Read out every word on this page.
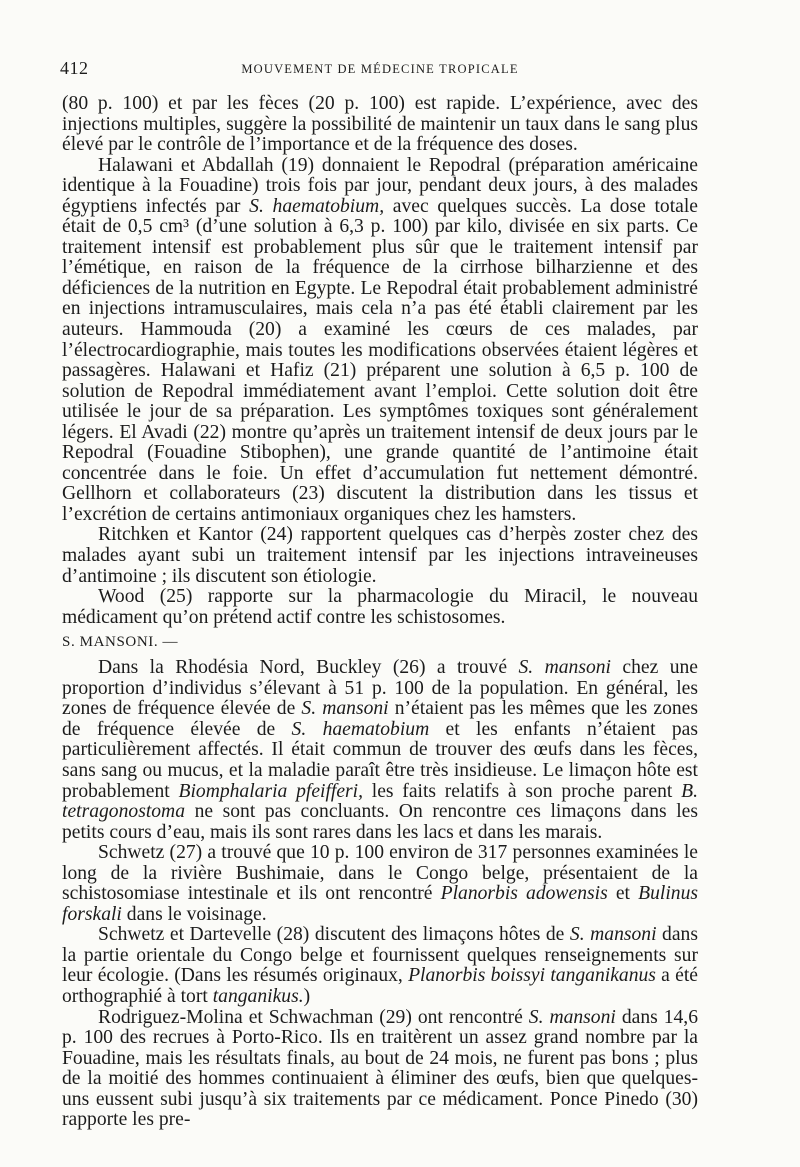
412	MOUVEMENT DE MÉDECINE TROPICALE

(80 p. 100) et par les fèces (20 p. 100) est rapide. L’expérience, avec des injections multiples, suggère la possibilité de maintenir un taux dans le sang plus élevé par le contrôle de l’importance et de la fréquence des doses.

Halawani et Abdallah (19) donnaient le Repodral (préparation américaine identique à la Fouadine) trois fois par jour, pendant deux jours, à des malades égyptiens infectés par S. haematobium, avec quelques succès. La dose totale était de 0,5 cm³ (d’une solution à 6,3 p. 100) par kilo, divisée en six parts. Ce traitement intensif est probablement plus sûr que le traitement intensif par l’émétique, en raison de la fréquence de la cirrhose bilharzienne et des déficiences de la nutrition en Egypte. Le Repodral était probablement administré en injections intramusculaires, mais cela n’a pas été établi clairement par les auteurs. Hammouda (20) a examiné les cœurs de ces malades, par l’électrocardiographie, mais toutes les modifications observées étaient légères et passagères. Halawani et Hafiz (21) préparent une solution à 6,5 p. 100 de solution de Repodral immédiatement avant l’emploi. Cette solution doit être utilisée le jour de sa préparation. Les symptômes toxiques sont généralement légers. El Avadi (22) montre qu’après un traitement intensif de deux jours par le Repodral (Fouadine Stibophen), une grande quantité de l’antimoine était concentrée dans le foie. Un effet d’accumulation fut nettement démontré. Gellhorn et collaborateurs (23) discutent la distribution dans les tissus et l’excrétion de certains antimoniaux organiques chez les hamsters.

Ritchken et Kantor (24) rapportent quelques cas d’herpès zoster chez des malades ayant subi un traitement intensif par les injections intraveineuses d’antimoine ; ils discutent son étiologie.

Wood (25) rapporte sur la pharmacologie du Miracil, le nouveau médicament qu’on prétend actif contre les schistosomes.

S. MANSONI. —

Dans la Rhodésia Nord, Buckley (26) a trouvé S. mansoni chez une proportion d’individus s’élevant à 51 p. 100 de la population. En général, les zones de fréquence élevée de S. mansoni n’étaient pas les mêmes que les zones de fréquence élevée de S. haematobium et les enfants n’étaient pas particulièrement affectés. Il était commun de trouver des œufs dans les fèces, sans sang ou mucus, et la maladie paraît être très insidieuse. Le limaçon hôte est probablement Biomphalaria pfeifferi, les faits relatifs à son proche parent B. tetragonostoma ne sont pas concluants. On rencontre ces limaçons dans les petits cours d’eau, mais ils sont rares dans les lacs et dans les marais.

Schwetz (27) a trouvé que 10 p. 100 environ de 317 personnes examinées le long de la rivière Bushimaie, dans le Congo belge, présentaient de la schistosomiase intestinale et ils ont rencontré Planorbis adowensis et Bulinus forskali dans le voisinage.

Schwetz et Dartevelle (28) discutent des limaçons hôtes de S. mansoni dans la partie orientale du Congo belge et fournissent quelques renseignements sur leur écologie. (Dans les résumés originaux, Planorbis boissyi tanganikanus a été orthographié à tort tanganikus.)

Rodriguez-Molina et Schwachman (29) ont rencontré S. mansoni dans 14,6 p. 100 des recrues à Porto-Rico. Ils en traitèrent un assez grand nombre par la Fouadine, mais les résultats finals, au bout de 24 mois, ne furent pas bons ; plus de la moitié des hommes continuaient à éliminer des œufs, bien que quelques-uns eussent subi jusqu’à six traitements par ce médicament. Ponce Pinedo (30) rapporte les pre-
